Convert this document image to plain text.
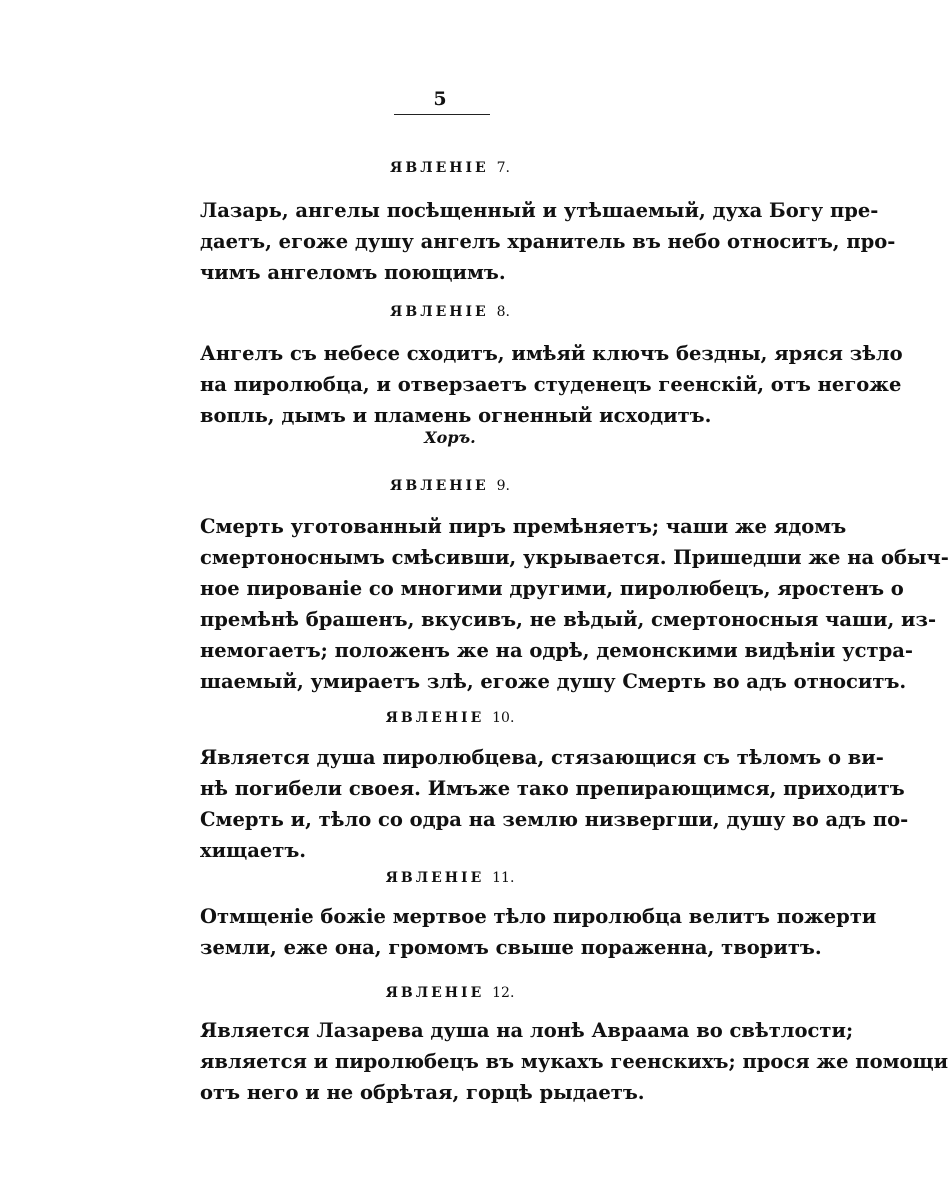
5
ЯВЛЕНІЕ 7.
Лазарь, ангелы посѣщенный и утѣшаемый, духа Богу пре-
даетъ, егоже душу ангелъ хранитель въ небо относитъ, про-
чимъ ангеломъ поющимъ.
ЯВЛЕНІЕ 8.
Ангелъ съ небесе сходитъ, имѣяй ключъ бездны, яряся зѣло
на пиролюбца, и отверзаетъ студенецъ геенскій, отъ негоже
вопль, дымъ и пламень огненный исходитъ.
Хоръ.
ЯВЛЕНІЕ 9.
Смерть уготованный пиръ премѣняетъ; чаши же ядомъ
смертоноснымъ смѣсивши, укрывается. Пришедши же на обыч-
ное пированіе со многими другими, пиролюбецъ, яростенъ о
премѣнѣ брашенъ, вкусивъ, не вѣдый, смертоносныя чаши, из-
немогаетъ; положенъ же на одрѣ, демонскими видѣніи устра-
шаемый, умираетъ злѣ, егоже душу Смерть во адъ относитъ.
ЯВЛЕНІЕ 10.
Является душа пиролюбцева, стязающися съ тѣломъ о ви-
нѣ погибели своея. Имъже тако препирающимся, приходитъ
Смерть и, тѣло со одра на землю низвергши, душу во адъ по-
хищаетъ.
ЯВЛЕНІЕ 11.
Отмщеніе божіе мертвое тѣло пиролюбца велитъ пожерти
земли, еже она, громомъ свыше пораженна, творитъ.
ЯВЛЕНІЕ 12.
Является Лазарева душа на лонѣ Авраама во свѣтлости;
является и пиролюбецъ въ мукахъ геенскихъ; прося же помощи
отъ него и не обрѣтая, горцѣ рыдаетъ.
